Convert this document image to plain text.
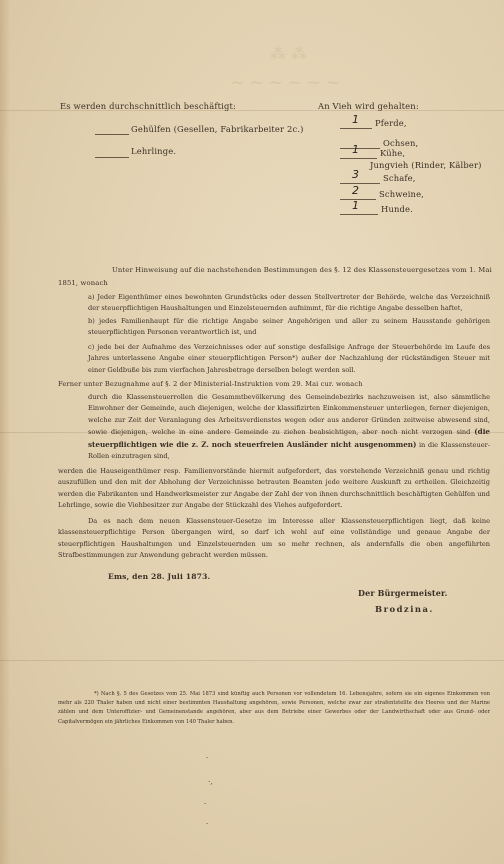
⁂ ⁂
~~~~~~
Es werden durchschnittlich beschäftigt:
Gehülfen (Gesellen, Fabrikarbeiter 2c.)
Lehrlinge.
An Vieh wird gehalten:
1 Pferde,
Ochsen,
1 Kühe,
Jungvieh (Rinder, Kälber)
3	Schafe,
2 Schweine,
1	Hunde.
Unter Hinweisung auf die nachstehenden Bestimmungen des §. 12 des Klassensteuergesetzes vom 1. Mai
1851, wonach
a) Jeder Eigenthümer eines bewohnten Grundstücks oder dessen Stellvertreter der Behörde, welche das Verzeichniß der steuerpflichtigen Haushaltungen und Einzelsteuernden aufnimmt, für die richtige Angabe desselben haftet,
b) jedes Familienhaupt für die richtige Angabe seiner Angehörigen und aller zu seinem Hausstande gehörigen steuerpflichtigen Personen verantwortlich ist, und
c) jede bei der Aufnahme des Verzeichnisses oder auf sonstige desfallsige Anfrage der Steuerbehörde im Laufe des Jahres unterlassene Angabe einer steuerpflichtigen Person*) außer der Nachzahlung der rückständigen Steuer mit einer Geldbuße bis zum vierfachen Jahresbetrage derselben belegt werden soll.
Ferner unter Bezugnahme auf §. 2 der Ministerial-Instruktion vom 29. Mai cur. wonach
durch die Klassensteuerrollen die Gesammtbevölkerung des Gemeindebezirks nachzuweisen ist, also sämmtliche Einwohner der Gemeinde, auch diejenigen, welche der klassifizirten Einkommensteuer unterliegen, ferner diejenigen, welche zur Zeit der Veranlagung des Arbeitsverdienstes wegen oder aus anderer Gründen zeitweise abwesend sind, sowie diejenigen, welche in eine andere Gemeinde zu ziehen beabsichtigen, aber noch nicht verzogen sind (die steuerpflichtigen wie die z. Z. noch steuerfreien Ausländer nicht ausgenommen) in die Klassensteuer-Rollen einzutragen sind,
werden die Hauseigenthümer resp. Familienvorstände hiermit aufgefordert, das vorstehende Verzeichniß genau und richtig auszufüllen und den mit der Abholung der Verzeichnisse betrauten Beamten jede weitere Auskunft zu ertheilen. Gleichzeitig werden die Fabrikanten und Handwerksmeister zur Angabe der Zahl der von ihnen durchschnittlich beschäftigten Gehülfen und Lehrlinge, sowie die Viehbesitzer zur Angabe der Stückzahl des Viehes aufgefordert.
Da es nach dem neuen Klassensteuer-Gesetze im Interesse aller Klassensteuerpflichtigen liegt, daß keine klassensteuerpflichtige Person übergangen wird, so darf ich wohl auf eine vollständige und genaue Angabe der steuerpflichtigen Haushaltungen und Einzelsteuernden um so mehr rechnen, als andernfalls die oben angeführten Strafbestimmungen zur Anwendung gebracht werden müssen.
Ems, den 28. Juli 1873.
Der Bürgermeister.
Brodzina.
*) Nach §. 5 des Gesetzes vom 25. Mai 1873 sind künftig auch Personen vor vollendetem 16. Lebensjahre, sofern sie ein eigenes Einkommen von mehr als 220 Thaler haben und nicht einer bestimmten Haushaltung angehören, sowie Personen, welche zwar zur strafentstellte des Heeres und der Marine zählen und dem Unteroffizier- und Gemeinenstande angehören, aber aus dem Betriebe einer Gewerbes oder der Landwirthschaft oder aus Grund- oder Capitalvermögen ein jährliches Einkommen von 140 Thaler haben.
·
·,
·
·
